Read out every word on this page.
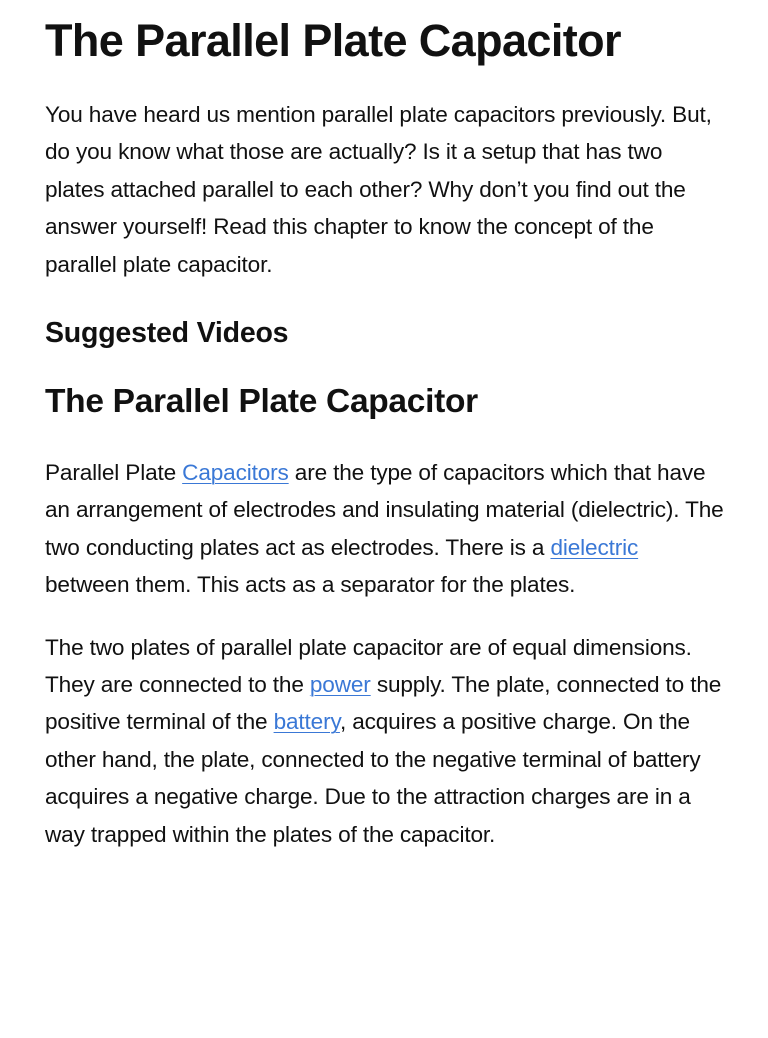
The Parallel Plate Capacitor

You have heard us mention parallel plate capacitors previously. But, do you know what those are actually? Is it a setup that has two plates attached parallel to each other? Why don’t you find out the answer yourself! Read this chapter to know the concept of the parallel plate capacitor.

Suggested Videos
The Parallel Plate Capacitor

Parallel Plate Capacitors are the type of capacitors which that have an arrangement of electrodes and insulating material (dielectric). The two conducting plates act as electrodes. There is a dielectric between them. This acts as a separator for the plates.

The two plates of parallel plate capacitor are of equal dimensions. They are connected to the power supply. The plate, connected to the positive terminal of the battery, acquires a positive charge. On the other hand, the plate, connected to the negative terminal of battery acquires a negative charge. Due to the attraction charges are in a way trapped within the plates of the capacitor.
